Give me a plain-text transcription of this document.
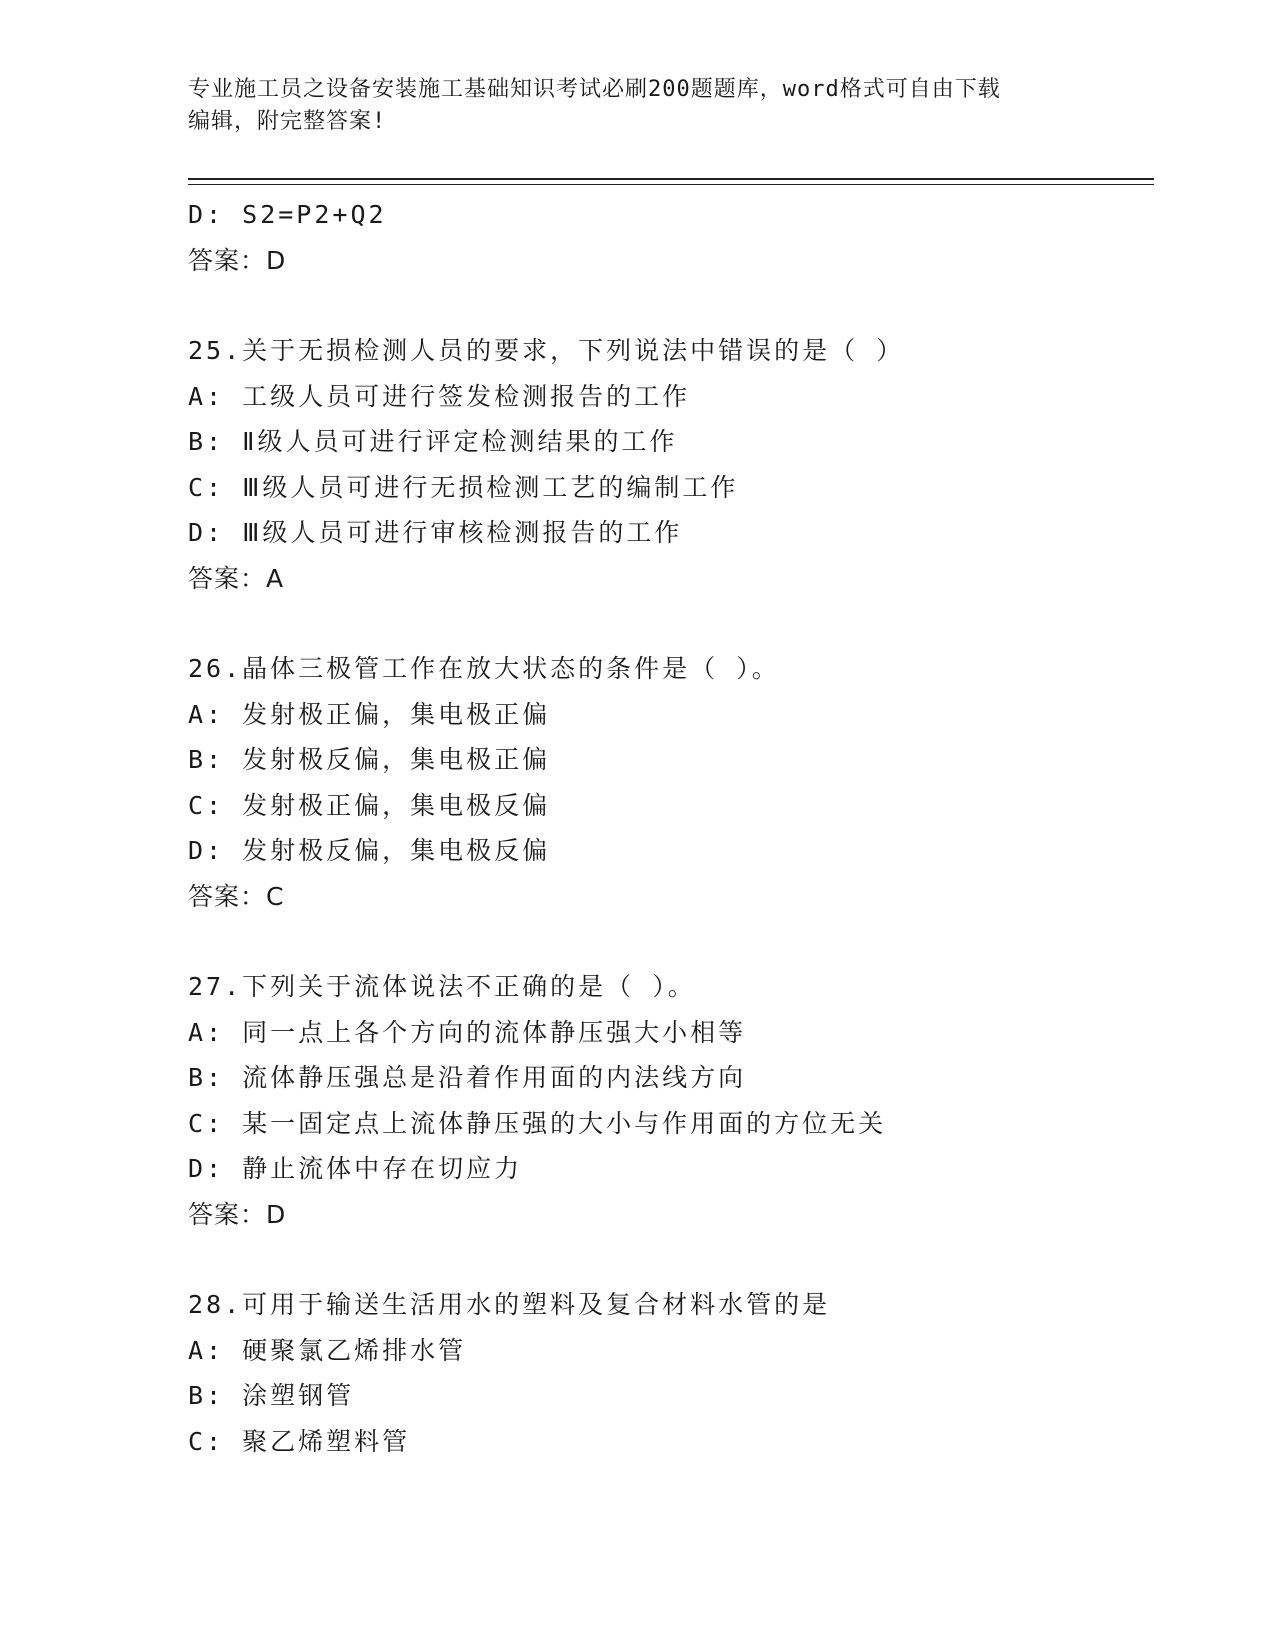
专业施工员之设备安装施工基础知识考试必刷200题题库，word格式可自由下载
编辑，附完整答案!
D: S2=P2+Q2
答案：D
25.关于无损检测人员的要求，下列说法中错误的是（ ）
A: 工级人员可进行签发检测报告的工作
B: Ⅱ级人员可进行评定检测结果的工作
C: Ⅲ级人员可进行无损检测工艺的编制工作
D: Ⅲ级人员可进行审核检测报告的工作
答案：A
26.晶体三极管工作在放大状态的条件是（ ）。
A: 发射极正偏，集电极正偏
B: 发射极反偏，集电极正偏
C: 发射极正偏，集电极反偏
D: 发射极反偏，集电极反偏
答案：C
27.下列关于流体说法不正确的是（ ）。
A: 同一点上各个方向的流体静压强大小相等
B: 流体静压强总是沿着作用面的内法线方向
C: 某一固定点上流体静压强的大小与作用面的方位无关
D: 静止流体中存在切应力
答案：D
28.可用于输送生活用水的塑料及复合材料水管的是
A: 硬聚氯乙烯排水管
B: 涂塑钢管
C: 聚乙烯塑料管
